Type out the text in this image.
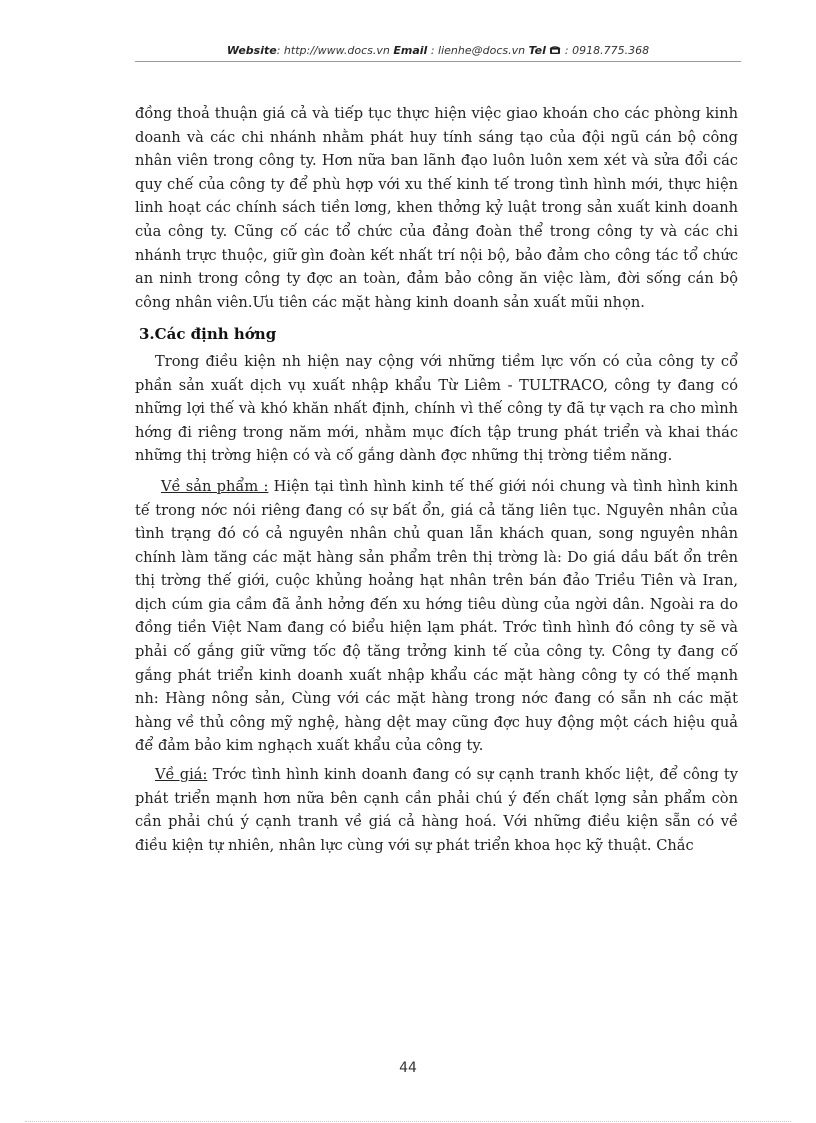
Website: http://www.docs.vn Email : lienhe@docs.vn Tel : 0918.775.368

đồng thoả thuận giá cả và tiếp tục thực hiện việc giao khoán cho các phòng kinh doanh và các chi nhánh nhằm phát huy tính sáng tạo của đội ngũ cán bộ công nhân viên trong công ty. Hơn nữa ban lãnh đạo luôn luôn xem xét và sửa đổi các quy chế của công ty để phù hợp với xu thế kinh tế trong tình hình mới, thực hiện linh hoạt các chính sách tiền lơng, khen thởng kỷ luật trong sản xuất kinh doanh của công ty. Cũng cố các tổ chức của đảng đoàn thể trong công ty và các chi nhánh trực thuộc, giữ gìn đoàn kết nhất trí nội bộ, bảo đảm cho công tác tổ chức an ninh trong công ty đợc an toàn, đảm bảo công ăn việc làm, đời sống cán bộ công nhân viên.Ưu tiên các mặt hàng kinh doanh sản xuất mũi nhọn.

3.Các định hớng

Trong điều kiện nh hiện nay cộng với những tiềm lực vốn có của công ty cổ phần sản xuất dịch vụ xuất nhập khẩu Từ Liêm - TULTRACO, công ty đang có những lợi thế và khó khăn nhất định, chính vì thế công ty đã tự vạch ra cho mình hớng đi riêng trong năm mới, nhằm mục đích tập trung phát triển và khai thác những thị trờng hiện có và cố gắng dành đợc những thị trờng tiềm năng.

Về sản phẩm : Hiện tại tình hình kinh tế thế giới nói chung và tình hình kinh tế trong nớc nói riêng đang có sự bất ổn, giá cả tăng liên tục. Nguyên nhân của tình trạng đó có cả nguyên nhân chủ quan lẫn khách quan, song nguyên nhân chính làm tăng các mặt hàng sản phẩm trên thị trờng là: Do giá dầu bất ổn trên thị trờng thế giới, cuộc khủng hoảng hạt nhân trên bán đảo Triều Tiên và Iran, dịch cúm gia cầm đã ảnh hởng đến xu hớng tiêu dùng của ngời dân. Ngoài ra do đồng tiền Việt Nam đang có biểu hiện lạm phát. Trớc tình hình đó công ty sẽ và phải cố gắng giữ vững tốc độ tăng trởng kinh tế của công ty. Công ty đang cố gắng phát triển kinh doanh xuất nhập khẩu các mặt hàng công ty có thế mạnh nh: Hàng nông sản, Cùng với các mặt hàng trong nớc đang có sẵn nh các mặt hàng về thủ công mỹ nghệ, hàng dệt may cũng đợc huy động một cách hiệu quả để đảm bảo kim nghạch xuất khẩu của công ty.

Về giá: Trớc tình hình kinh doanh đang có sự cạnh tranh khốc liệt, để công ty phát triển mạnh hơn nữa bên cạnh cần phải chú ý đến chất lợng sản phẩm còn cần phải chú ý cạnh tranh về giá cả hàng hoá. Với những điều kiện sẵn có về điều kiện tự nhiên, nhân lực cùng với sự phát triển khoa học kỹ thuật. Chắc

44
